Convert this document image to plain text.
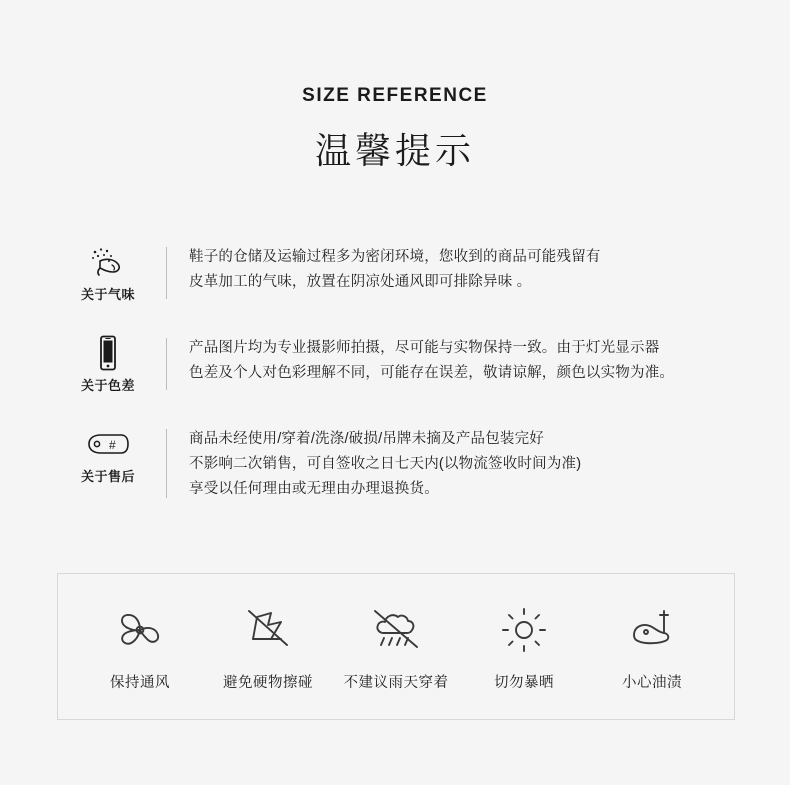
SIZE REFERENCE
温馨提示
关于气味
鞋子的仓储及运输过程多为密闭环境，您收到的商品可能残留有
皮革加工的气味，放置在阴凉处通风即可排除异味 。
关于色差
产品图片均为专业摄影师拍摄，尽可能与实物保持一致。由于灯光显示器
色差及个人对色彩理解不同，可能存在误差，敬请谅解，颜色以实物为准。
#
关于售后
商品未经使用/穿着/洗涤/破损/吊牌未摘及产品包装完好
不影响二次销售，可自签收之日七天内(以物流签收时间为准)
享受以任何理由或无理由办理退换货。
保持通风	避免硬物擦碰	不建议雨天穿着	切勿暴晒	小心油渍
